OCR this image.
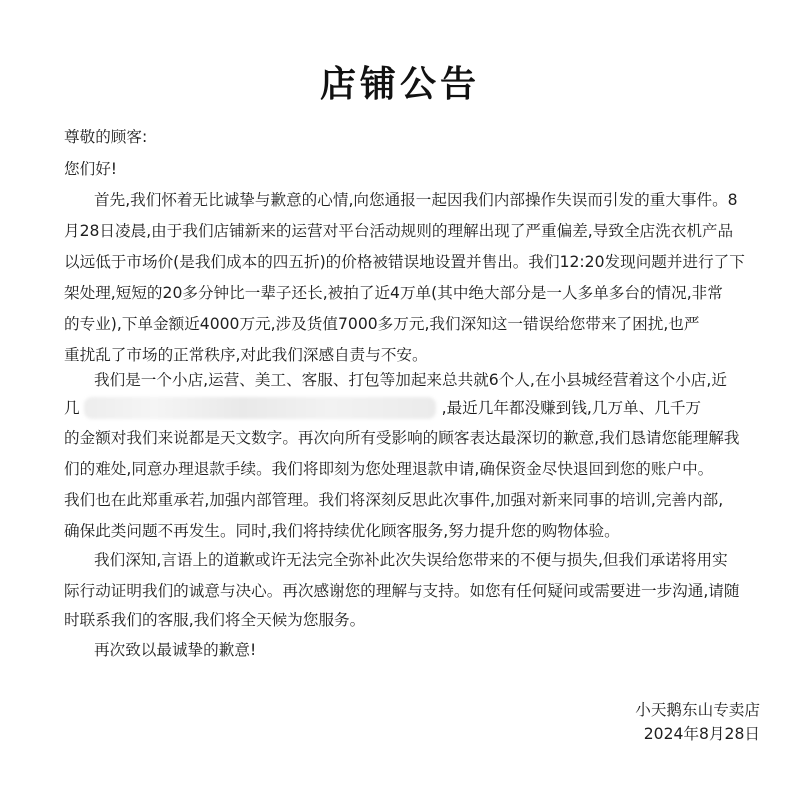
店铺公告
尊敬的顾客:
您们好!
首先,我们怀着无比诚挚与歉意的心情,向您通报一起因我们内部操作失误而引发的重大事件。8
月28日凌晨,由于我们店铺新来的运营对平台活动规则的理解出现了严重偏差,导致全店洗衣机产品
以远低于市场价(是我们成本的四五折)的价格被错误地设置并售出。我们12:20发现问题并进行了下
架处理,短短的20多分钟比一辈子还长,被拍了近4万单(其中绝大部分是一人多单多台的情况,非常
的专业),下单金额近4000万元,涉及货值7000多万元,我们深知这一错误给您带来了困扰,也严
重扰乱了市场的正常秩序,对此我们深感自责与不安。
我们是一个小店,运营、美工、客服、打包等加起来总共就6个人,在小县城经营着这个小店,近
几	,最近几年都没赚到钱,几万单、几千万
的金额对我们来说都是天文数字。再次向所有受影响的顾客表达最深切的歉意,我们恳请您能理解我
们的难处,同意办理退款手续。我们将即刻为您处理退款申请,确保资金尽快退回到您的账户中。
我们也在此郑重承若,加强内部管理。我们将深刻反思此次事件,加强对新来同事的培训,完善内部,
确保此类问题不再发生。同时,我们将持续优化顾客服务,努力提升您的购物体验。
我们深知,言语上的道歉或许无法完全弥补此次失误给您带来的不便与损失,但我们承诺将用实
际行动证明我们的诚意与决心。再次感谢您的理解与支持。如您有任何疑问或需要进一步沟通,请随
时联系我们的客服,我们将全天候为您服务。
再次致以最诚挚的歉意!
小天鹅东山专卖店
2024年8月28日
